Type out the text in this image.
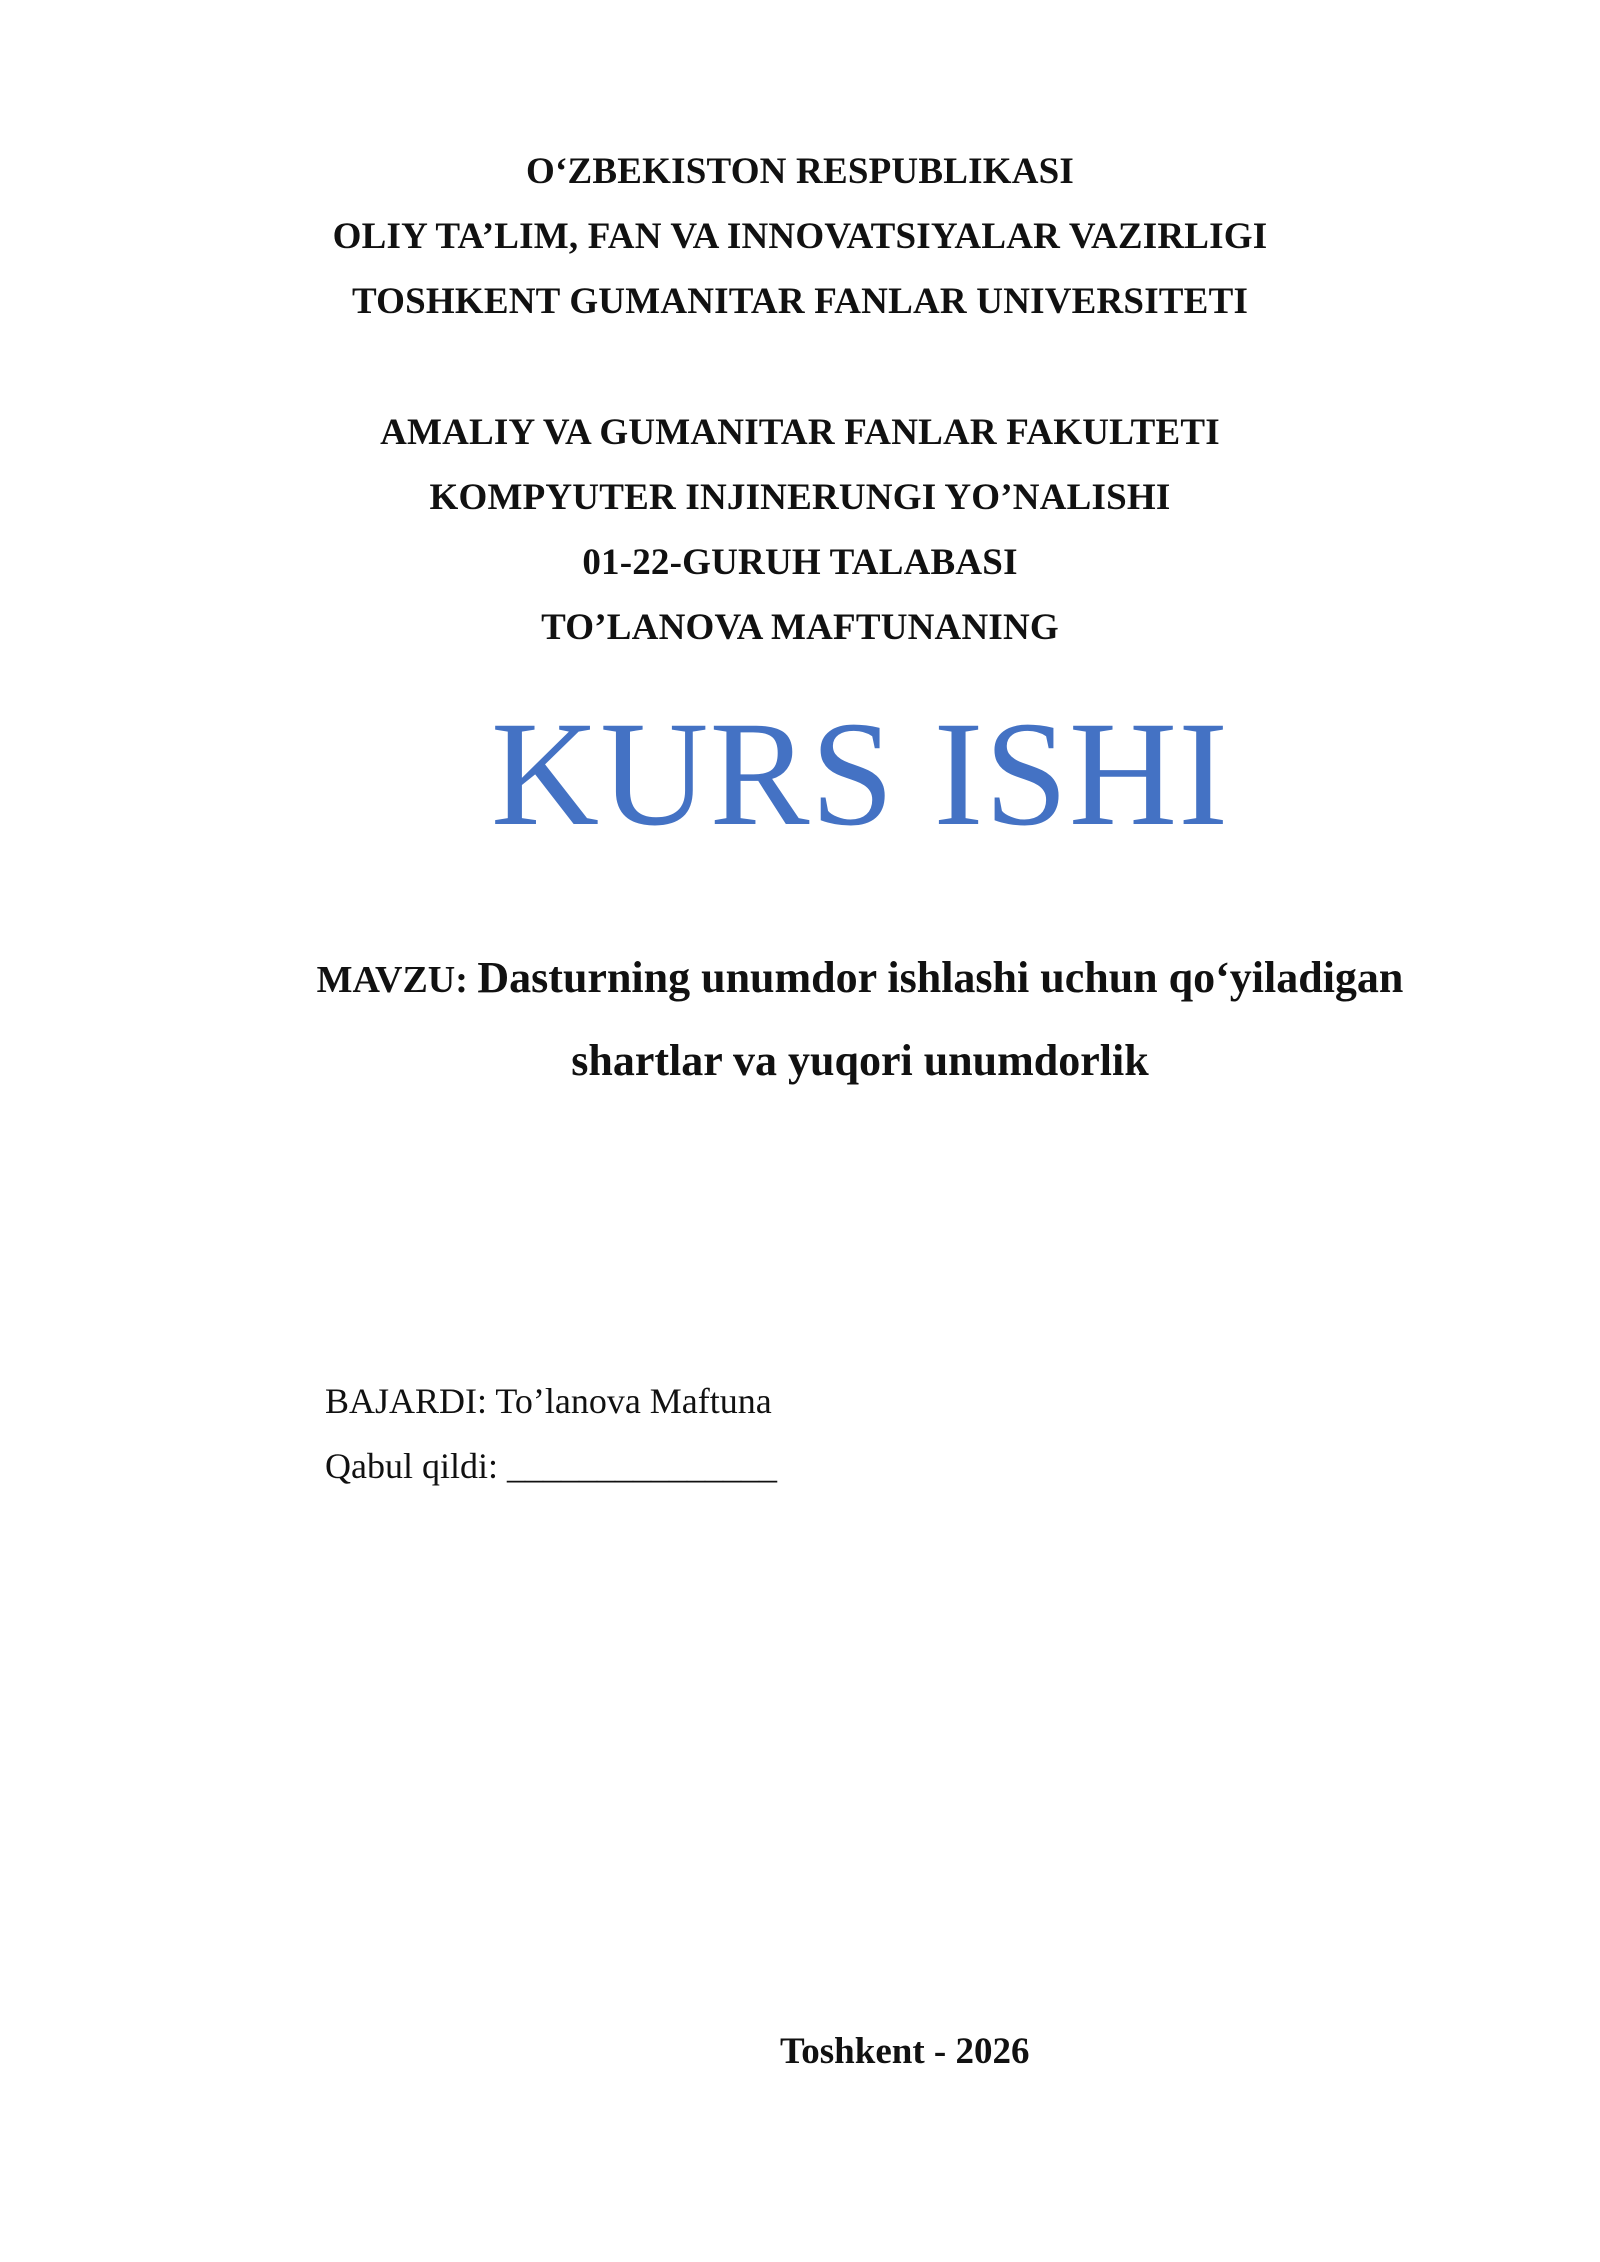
O‘ZBEKISTON RESPUBLIKASI
OLIY TA’LIM, FAN VA INNOVATSIYALAR VAZIRLIGI
TOSHKENT GUMANITAR FANLAR UNIVERSITETI
AMALIY VA GUMANITAR FANLAR FAKULTETI
KOMPYUTER INJINERUNGI YO’NALISHI
01-22-GURUH TALABASI
TO’LANOVA MAFTUNANING
KURS ISHI
MAVZU: Dasturning unumdor ishlashi uchun qo‘yiladigan
shartlar va yuqori unumdorlik
BAJARDI: To’lanova Maftuna
Qabul qildi: _______________
Toshkent - 2026
